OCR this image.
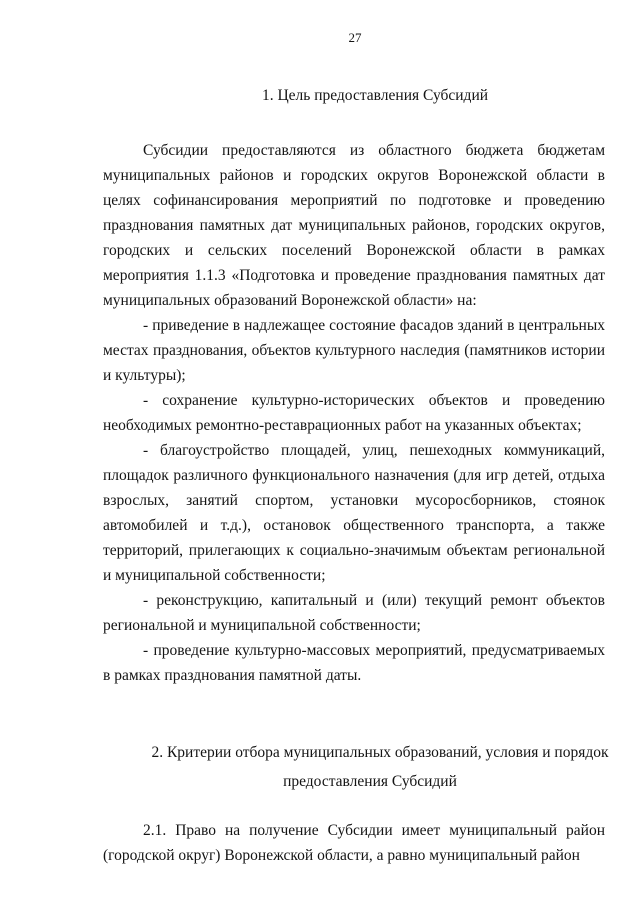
27
1. Цель предоставления Субсидий

Субсидии предоставляются из областного бюджета бюджетам муниципальных районов и городских округов Воронежской области в целях софинансирования мероприятий по подготовке и проведению празднования памятных дат муниципальных районов, городских округов, городских и сельских поселений Воронежской области в рамках мероприятия 1.1.3 «Подготовка и проведение празднования памятных дат муниципальных образований Воронежской области» на:

- приведение в надлежащее состояние фасадов зданий в центральных местах празднования, объектов культурного наследия (памятников истории и культуры);

- сохранение культурно-исторических объектов и проведению необходимых ремонтно-реставрационных работ на указанных объектах;

- благоустройство площадей, улиц, пешеходных коммуникаций, площадок различного функционального назначения (для игр детей, отдыха взрослых, занятий спортом, установки мусоросборников, стоянок автомобилей и т.д.), остановок общественного транспорта, а также территорий, прилегающих к социально-значимым объектам региональной и муниципальной собственности;

- реконструкцию, капитальный и (или) текущий ремонт объектов региональной и муниципальной собственности;

- проведение культурно-массовых мероприятий, предусматриваемых в рамках празднования памятной даты.

2. Критерии отбора муниципальных образований, условия и порядок
предоставления Субсидий

2.1. Право на получение Субсидии имеет муниципальный район (городской округ) Воронежской области, а равно муниципальный район
